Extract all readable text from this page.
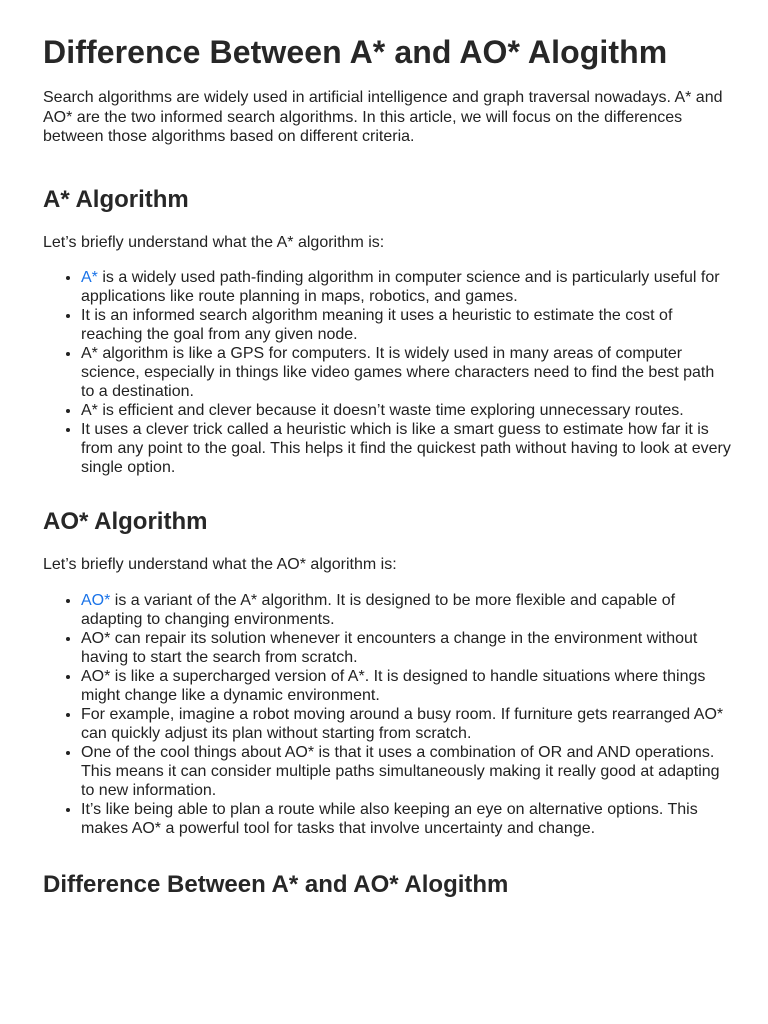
Difference Between A* and AO* Alogithm

Search algorithms are widely used in artificial intelligence and graph traversal nowadays. A* and AO* are the two informed search algorithms. In this article, we will focus on the differences between those algorithms based on different criteria.

A* Algorithm

Let’s briefly understand what the A* algorithm is:

• A* is a widely used path-finding algorithm in computer science and is particularly useful for applications like route planning in maps, robotics, and games.
• It is an informed search algorithm meaning it uses a heuristic to estimate the cost of reaching the goal from any given node.
• A* algorithm is like a GPS for computers. It is widely used in many areas of computer science, especially in things like video games where characters need to find the best path to a destination.
• A* is efficient and clever because it doesn’t waste time exploring unnecessary routes.
• It uses a clever trick called a heuristic which is like a smart guess to estimate how far it is from any point to the goal. This helps it find the quickest path without having to look at every single option.
AO* Algorithm

Let’s briefly understand what the AO* algorithm is:

• AO* is a variant of the A* algorithm. It is designed to be more flexible and capable of adapting to changing environments.
• AO* can repair its solution whenever it encounters a change in the environment without having to start the search from scratch.
• AO* is like a supercharged version of A*. It is designed to handle situations where things might change like a dynamic environment.
• For example, imagine a robot moving around a busy room. If furniture gets rearranged AO* can quickly adjust its plan without starting from scratch.
• One of the cool things about AO* is that it uses a combination of OR and AND operations. This means it can consider multiple paths simultaneously making it really good at adapting to new information.
• It’s like being able to plan a route while also keeping an eye on alternative options. This makes AO* a powerful tool for tasks that involve uncertainty and change.
Difference Between A* and AO* Alogithm
